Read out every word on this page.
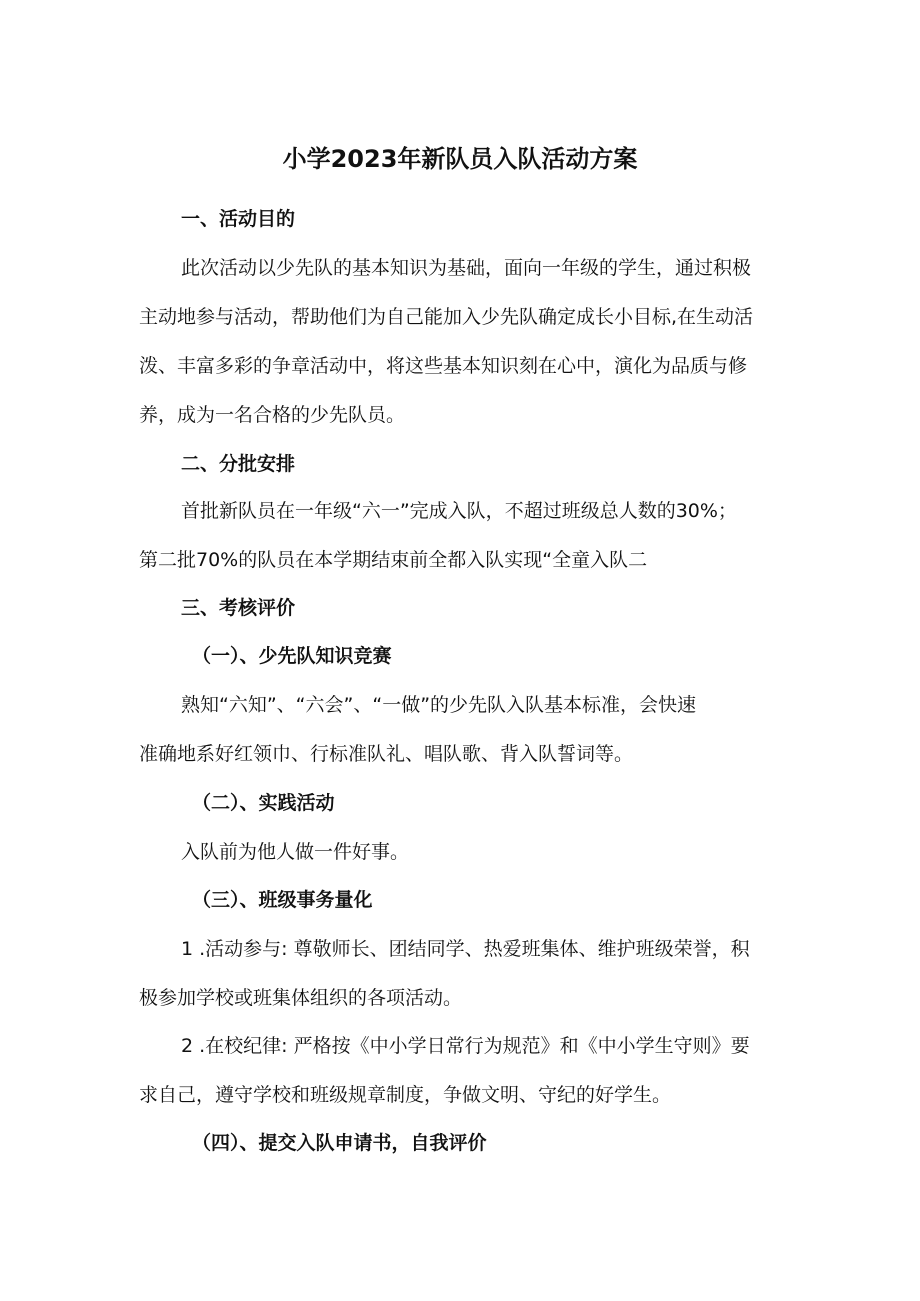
小学2023年新队员入队活动方案

一、活动目的

此次活动以少先队的基本知识为基础，面向一年级的学生，通过积极

主动地参与活动，帮助他们为自己能加入少先队确定成长小目标,在生动活

泼、丰富多彩的争章活动中，将这些基本知识刻在心中，演化为品质与修

养，成为一名合格的少先队员。

二、分批安排

首批新队员在一年级“六一”完成入队，不超过班级总人数的30%；

第二批70%的队员在本学期结束前全都入队实现“全童入队二

三、考核评价

（一）、少先队知识竞赛

熟知“六知”、“六会”、“一做”的少先队入队基本标准，会快速

准确地系好红领巾、行标准队礼、唱队歌、背入队誓词等。

（二）、实践活动

入队前为他人做一件好事。

（三）、班级事务量化

1 .活动参与: 尊敬师长、团结同学、热爱班集体、维护班级荣誉，积

极参加学校或班集体组织的各项活动。

2 .在校纪律: 严格按《中小学日常行为规范》和《中小学生守则》要

求自己，遵守学校和班级规章制度，争做文明、守纪的好学生。

（四）、提交入队申请书，自我评价
